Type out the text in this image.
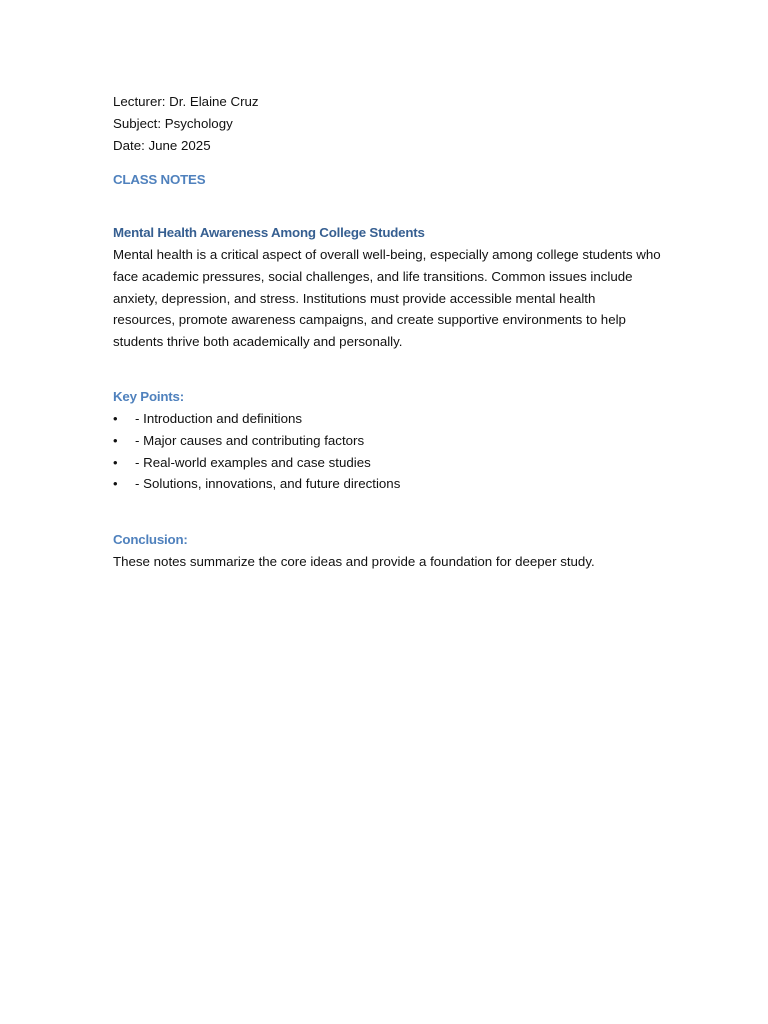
Lecturer: Dr. Elaine Cruz

Subject: Psychology

Date: June 2025

CLASS NOTES
Mental Health Awareness Among College Students

Mental health is a critical aspect of overall well-being, especially among college students who face academic pressures, social challenges, and life transitions. Common issues include anxiety, depression, and stress. Institutions must provide accessible mental health resources, promote awareness campaigns, and create supportive environments to help students thrive both academically and personally.

Key Points:
• - Introduction and definitions
• - Major causes and contributing factors
• - Real-world examples and case studies
• - Solutions, innovations, and future directions
Conclusion:

These notes summarize the core ideas and provide a foundation for deeper study.
